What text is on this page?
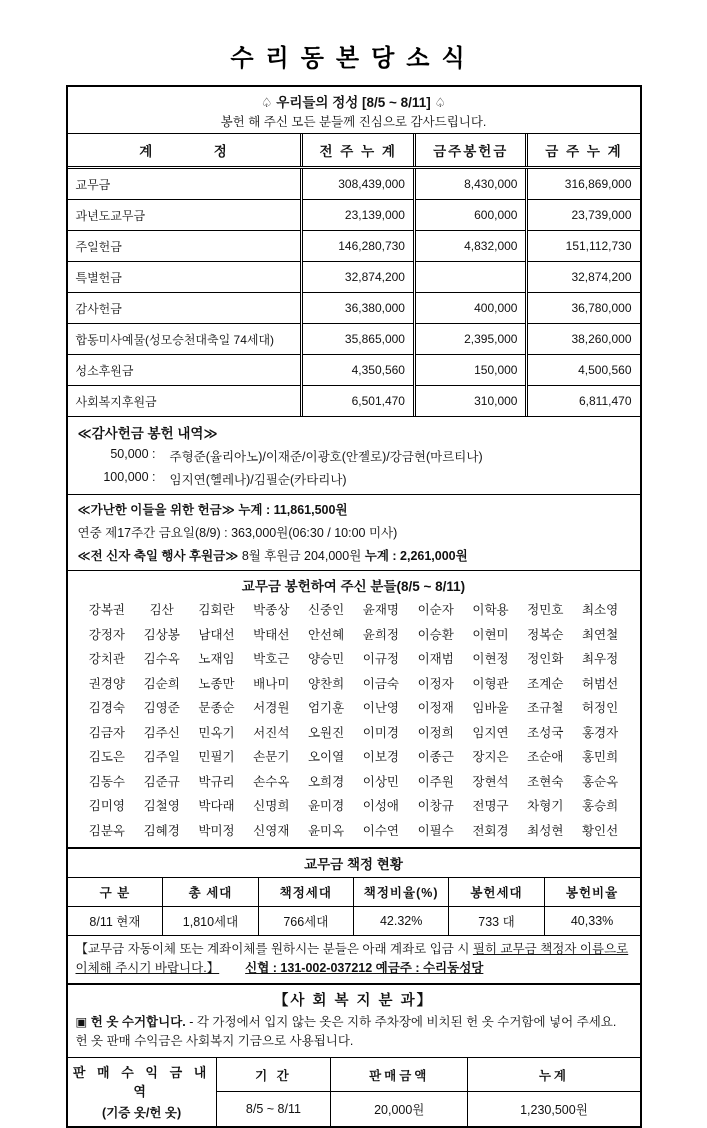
수리동본당소식
♤ 우리들의 정성 [8/5 ~ 8/11] ♤
봉헌 해 주신 모든 분들께 진심으로 감사드립니다.
계 정	전 주 누 계	금주봉헌금	금 주 누 계
교무금	308,439,000	8,430,000	316,869,000
과년도교무금	23,139,000	600,000	23,739,000
주일헌금	146,280,730	4,832,000	151,112,730
특별헌금	32,874,200		32,874,200
감사헌금	36,380,000	400,000	36,780,000
합동미사예물(성모승천대축일 74세대)	35,865,000	2,395,000	38,260,000
성소후원금	4,350,560	150,000	4,500,560
사회복지후원금	6,501,470	310,000	6,811,470
≪감사헌금 봉헌 내역≫
50,000 : 주형준(율리아노)/이재준/이광호(안젤로)/강금현(마르티나)
100,000 : 임지연(헬레나)/김필순(카타리나)
≪가난한 이들을 위한 헌금≫ 누계 : 11,861,500원
연중 제17주간 금요일(8/9) : 363,000원(06:30 / 10:00 미사)
≪전 신자 축일 행사 후원금≫ 8월 후원금 204,000원 누계 : 2,261,000원
교무금 봉헌하여 주신 분들(8/5 ~ 8/11)
강복권	김산	김회란	박종상	신중인	윤재명	이순자	이학용	정민호	최소영
강정자	김상봉	남대선	박태선	안선혜	윤희정	이승환	이현미	정복순	최연철
강치관	김수옥	노재임	박호근	양승민	이규정	이재범	이현정	정인화	최우정
권경양	김순희	노종만	배나미	양찬희	이금숙	이정자	이형관	조계순	허범선
김경숙	김영준	문종순	서경원	엄기훈	이난영	이정재	임바울	조규철	허정인
김금자	김주신	민옥기	서진석	오원진	이미경	이정희	임지연	조성국	홍경자
김도은	김주일	민필기	손문기	오이열	이보경	이종근	장지은	조순애	홍민희
김동수	김준규	박규리	손수옥	오희경	이상민	이주원	장현석	조현숙	홍순옥
김미영	김철영	박다래	신명희	윤미경	이성애	이창규	전명구	차형기	홍승희
김분옥	김혜경	박미정	신영재	윤미옥	이수연	이필수	전회경	최성현	황인선
교무금 책정 현황
구 분	총 세대	책정세대	책정비율(%)	봉헌세대	봉헌비율
8/11 현재	1,810세대	766세대	42.32%	733 대	40,33%
【교무금 자동이체 또는 계좌이체를 원하시는 분들은 아래 계좌로 입금 시 필히 교무금 책정자 이름으로 이체해 주시기 바랍니다.】 신협 : 131-002-037212 예금주 : 수리동성당
【사 회 복 지 분 과】
▣ 헌 옷 수거합니다. - 각 가정에서 입지 않는 옷은 지하 주차장에 비치된 헌 옷 수거함에 넣어 주세요. 헌 옷 판매 수익금은 사회복지 기금으로 사용됩니다.
판 매 수 익 금 내 역
(기증 옷/헌 옷)	기 간	판매금액	누계
	8/5 ~ 8/11	20,000원	1,230,500원
